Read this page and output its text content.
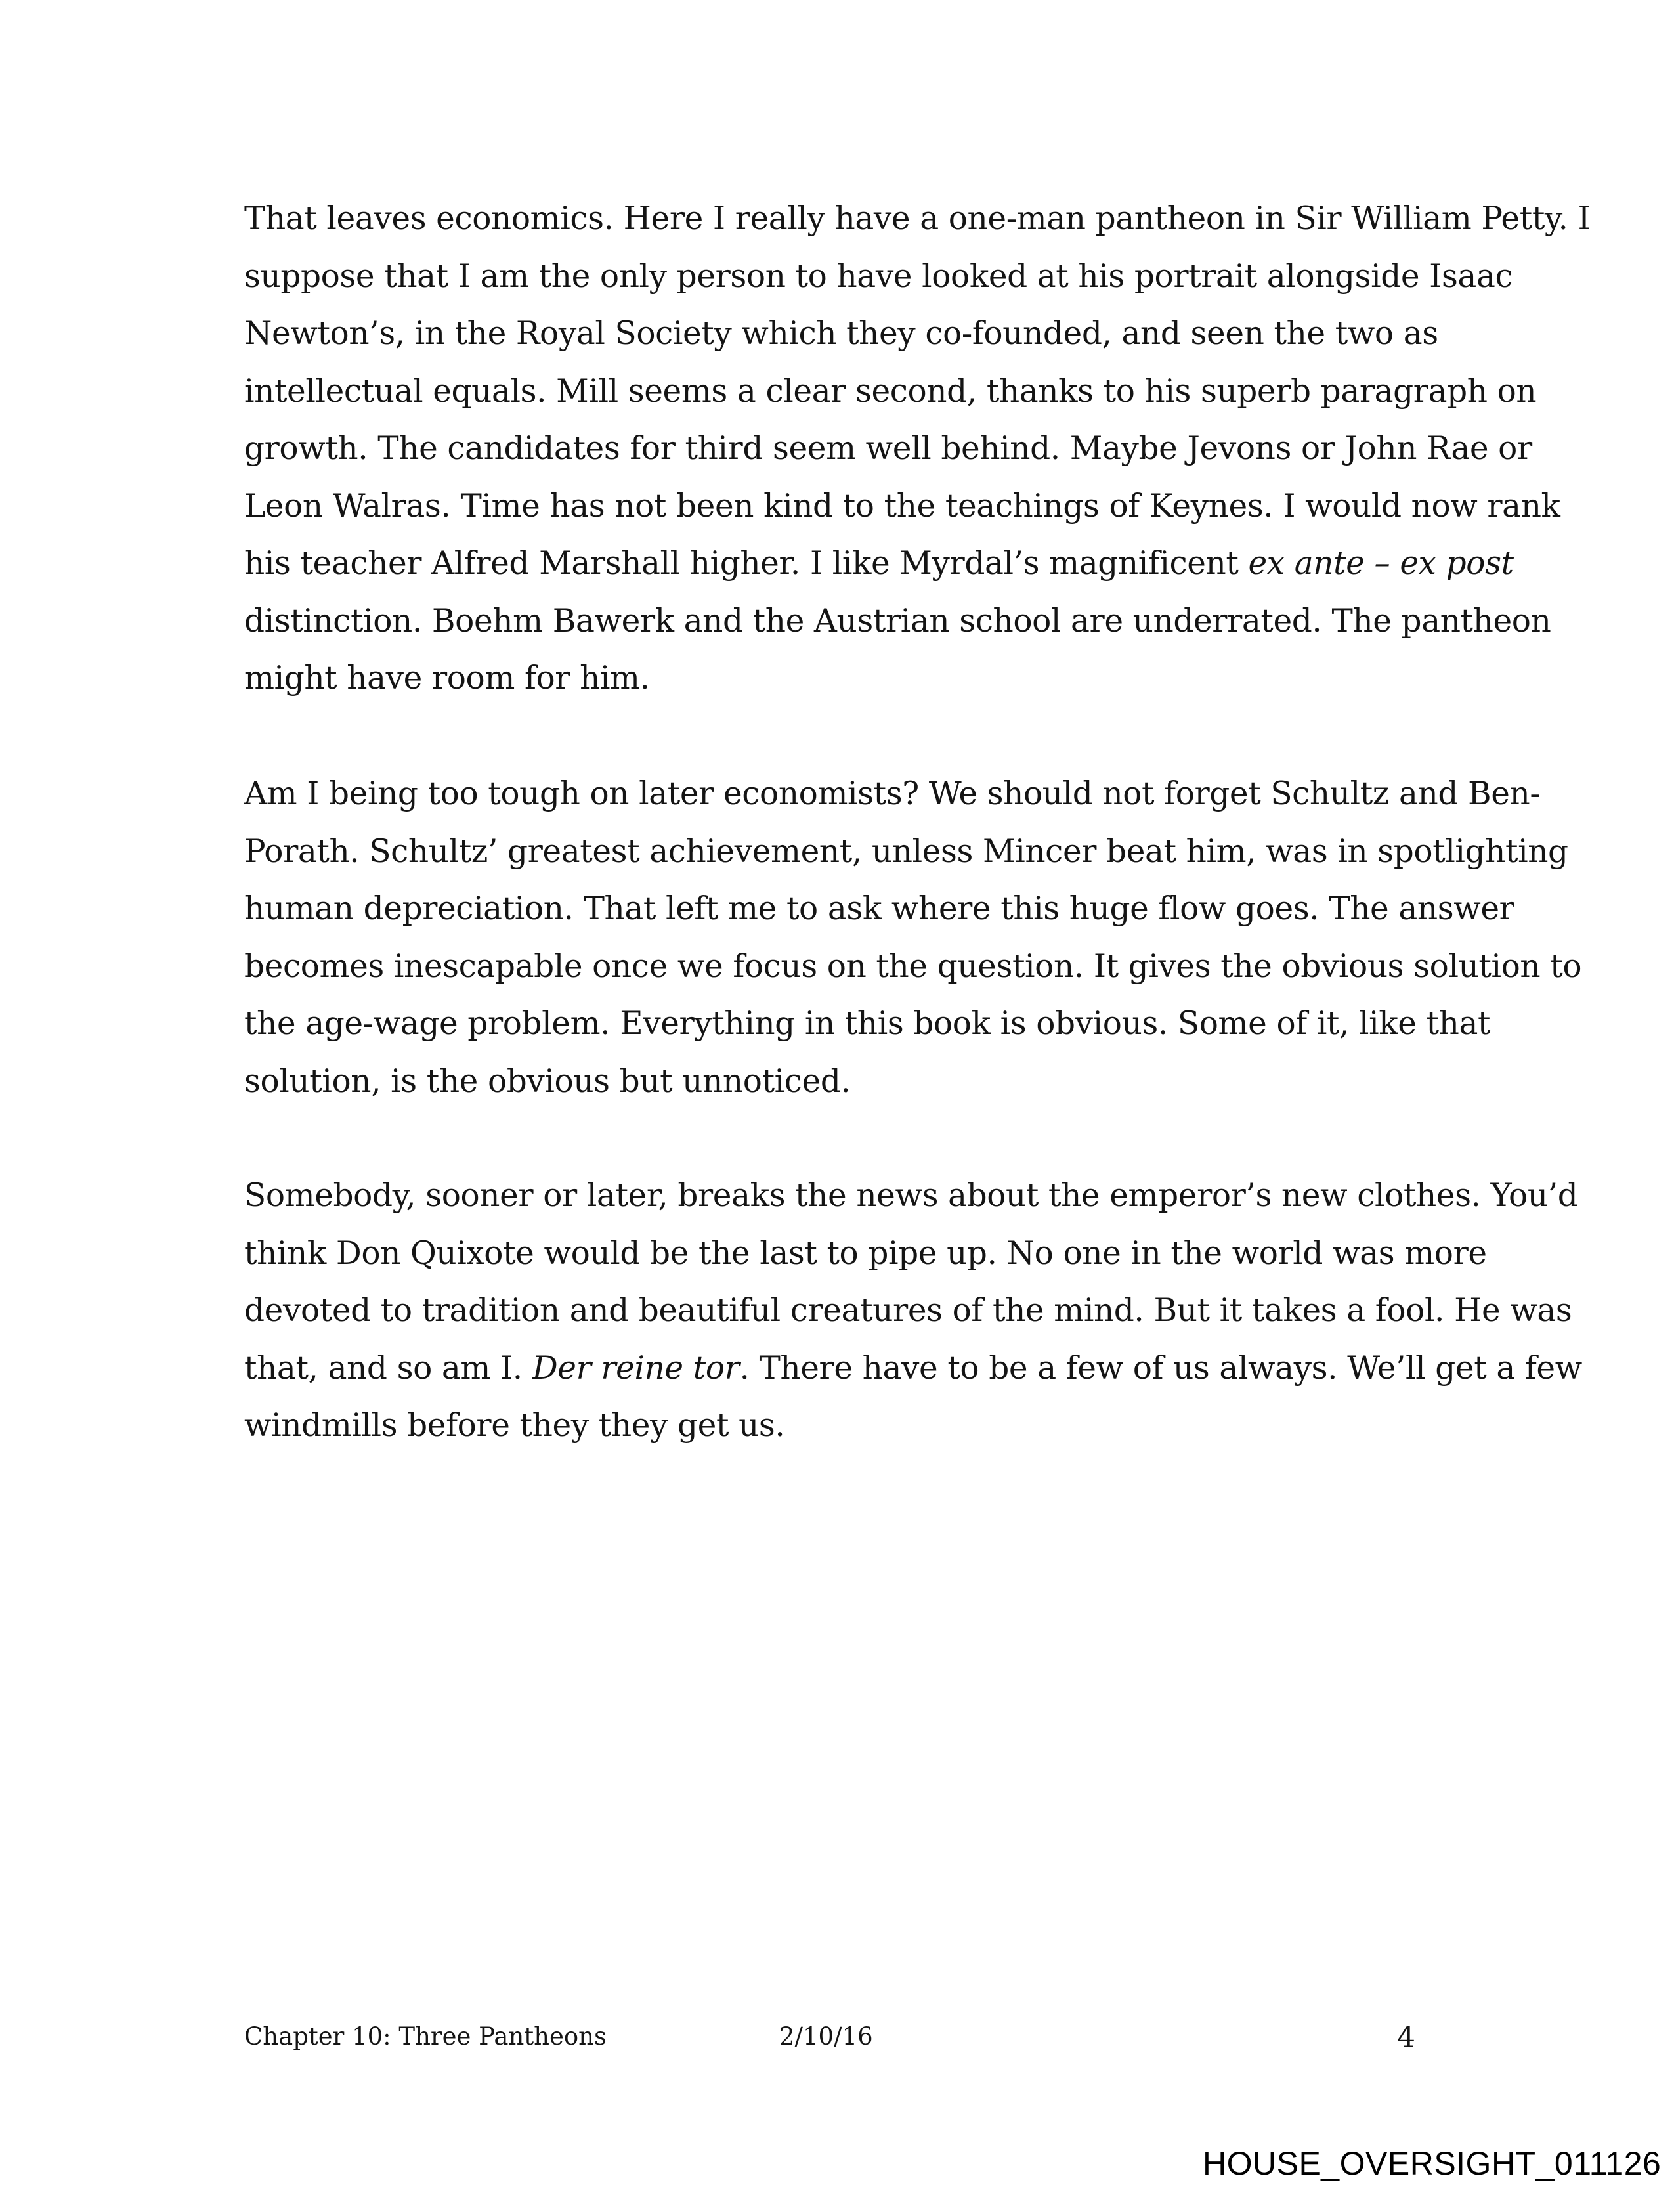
That leaves economics. Here I really have a one-man pantheon in Sir William Petty. I
suppose that I am the only person to have looked at his portrait alongside Isaac
Newton’s, in the Royal Society which they co-founded, and seen the two as
intellectual equals. Mill seems a clear second, thanks to his superb paragraph on
growth. The candidates for third seem well behind. Maybe Jevons or John Rae or
Leon Walras. Time has not been kind to the teachings of Keynes. I would now rank
his teacher Alfred Marshall higher. I like Myrdal’s magnificent ex ante – ex post
distinction. Boehm Bawerk and the Austrian school are underrated. The pantheon
might have room for him.
Am I being too tough on later economists? We should not forget Schultz and Ben-
Porath. Schultz’ greatest achievement, unless Mincer beat him, was in spotlighting
human depreciation. That left me to ask where this huge flow goes. The answer
becomes inescapable once we focus on the question. It gives the obvious solution to
the age-wage problem. Everything in this book is obvious. Some of it, like that
solution, is the obvious but unnoticed.
Somebody, sooner or later, breaks the news about the emperor’s new clothes. You’d
think Don Quixote would be the last to pipe up. No one in the world was more
devoted to tradition and beautiful creatures of the mind. But it takes a fool. He was
that, and so am I. Der reine tor. There have to be a few of us always. We’ll get a few
windmills before they they get us.
Chapter 10: Three Pantheons	2/10/16	4
HOUSE_OVERSIGHT_011126
